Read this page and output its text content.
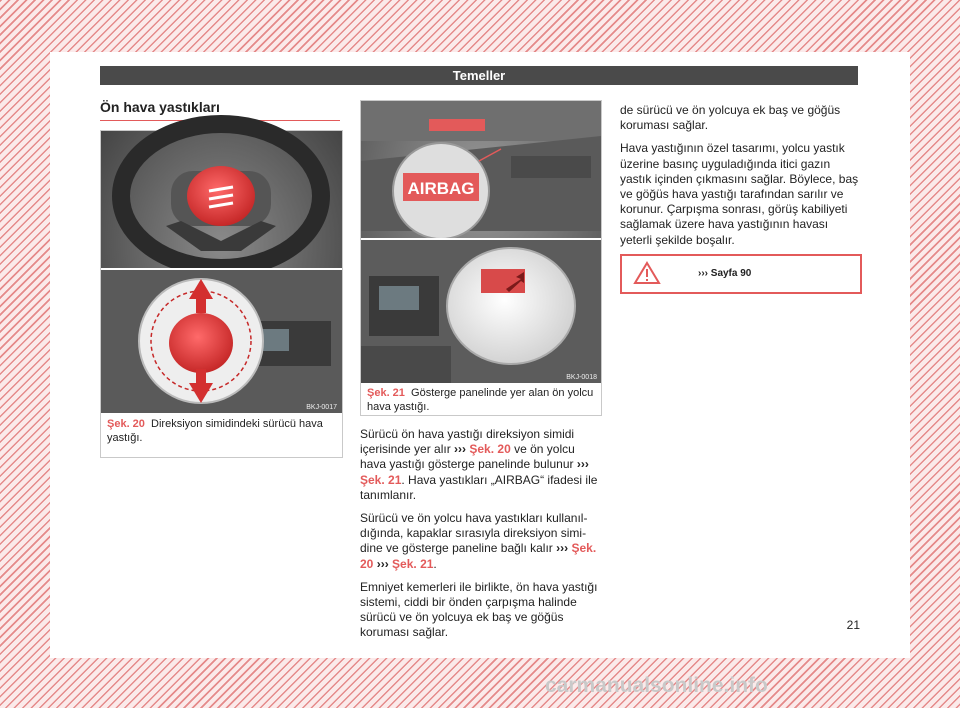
Temeller
Ön hava yastıkları
BKJ-0017
Şek. 20 Direksiyon simidindeki sürücü hava yastığı.
AIRBAG
BKJ-0018
Şek. 21 Gösterge panelinde yer alan ön yolcu hava yastığı.

Sürücü ön hava yastığı direksiyon simidi içerisinde yer alır ››› Şek. 20 ve ön yolcu hava yastığı gösterge panelinde bulunur ››› Şek. 21. Hava yastıkları „AIRBAG“ ifadesi ile tanımlanır.

Sürücü ve ön yolcu hava yastıkları kullanıldığında, kapaklar sırasıyla direksiyon simidine ve gösterge paneline bağlı kalır ››› Şek. 20 ››› Şek. 21.

Emniyet kemerleri ile birlikte, ön hava yastığı sistemi, ciddi bir önden çarpışma halinde sürücü ve ön yolcuya ek baş ve göğüs koruması sağlar.

de sürücü ve ön yolcuya ek baş ve göğüs koruması sağlar.

Hava yastığının özel tasarımı, yolcu yastık üzerine basınç uyguladığında itici gazın yastık içinden çıkmasını sağlar. Böylece, baş ve göğüs hava yastığı tarafından sarılır ve korunur. Çarpışma sonrası, görüş kabiliyeti sağlamak üzere hava yastığının havası yeterli şekilde boşalır.

››› Sayfa 90
21
carmanualsonline.info
